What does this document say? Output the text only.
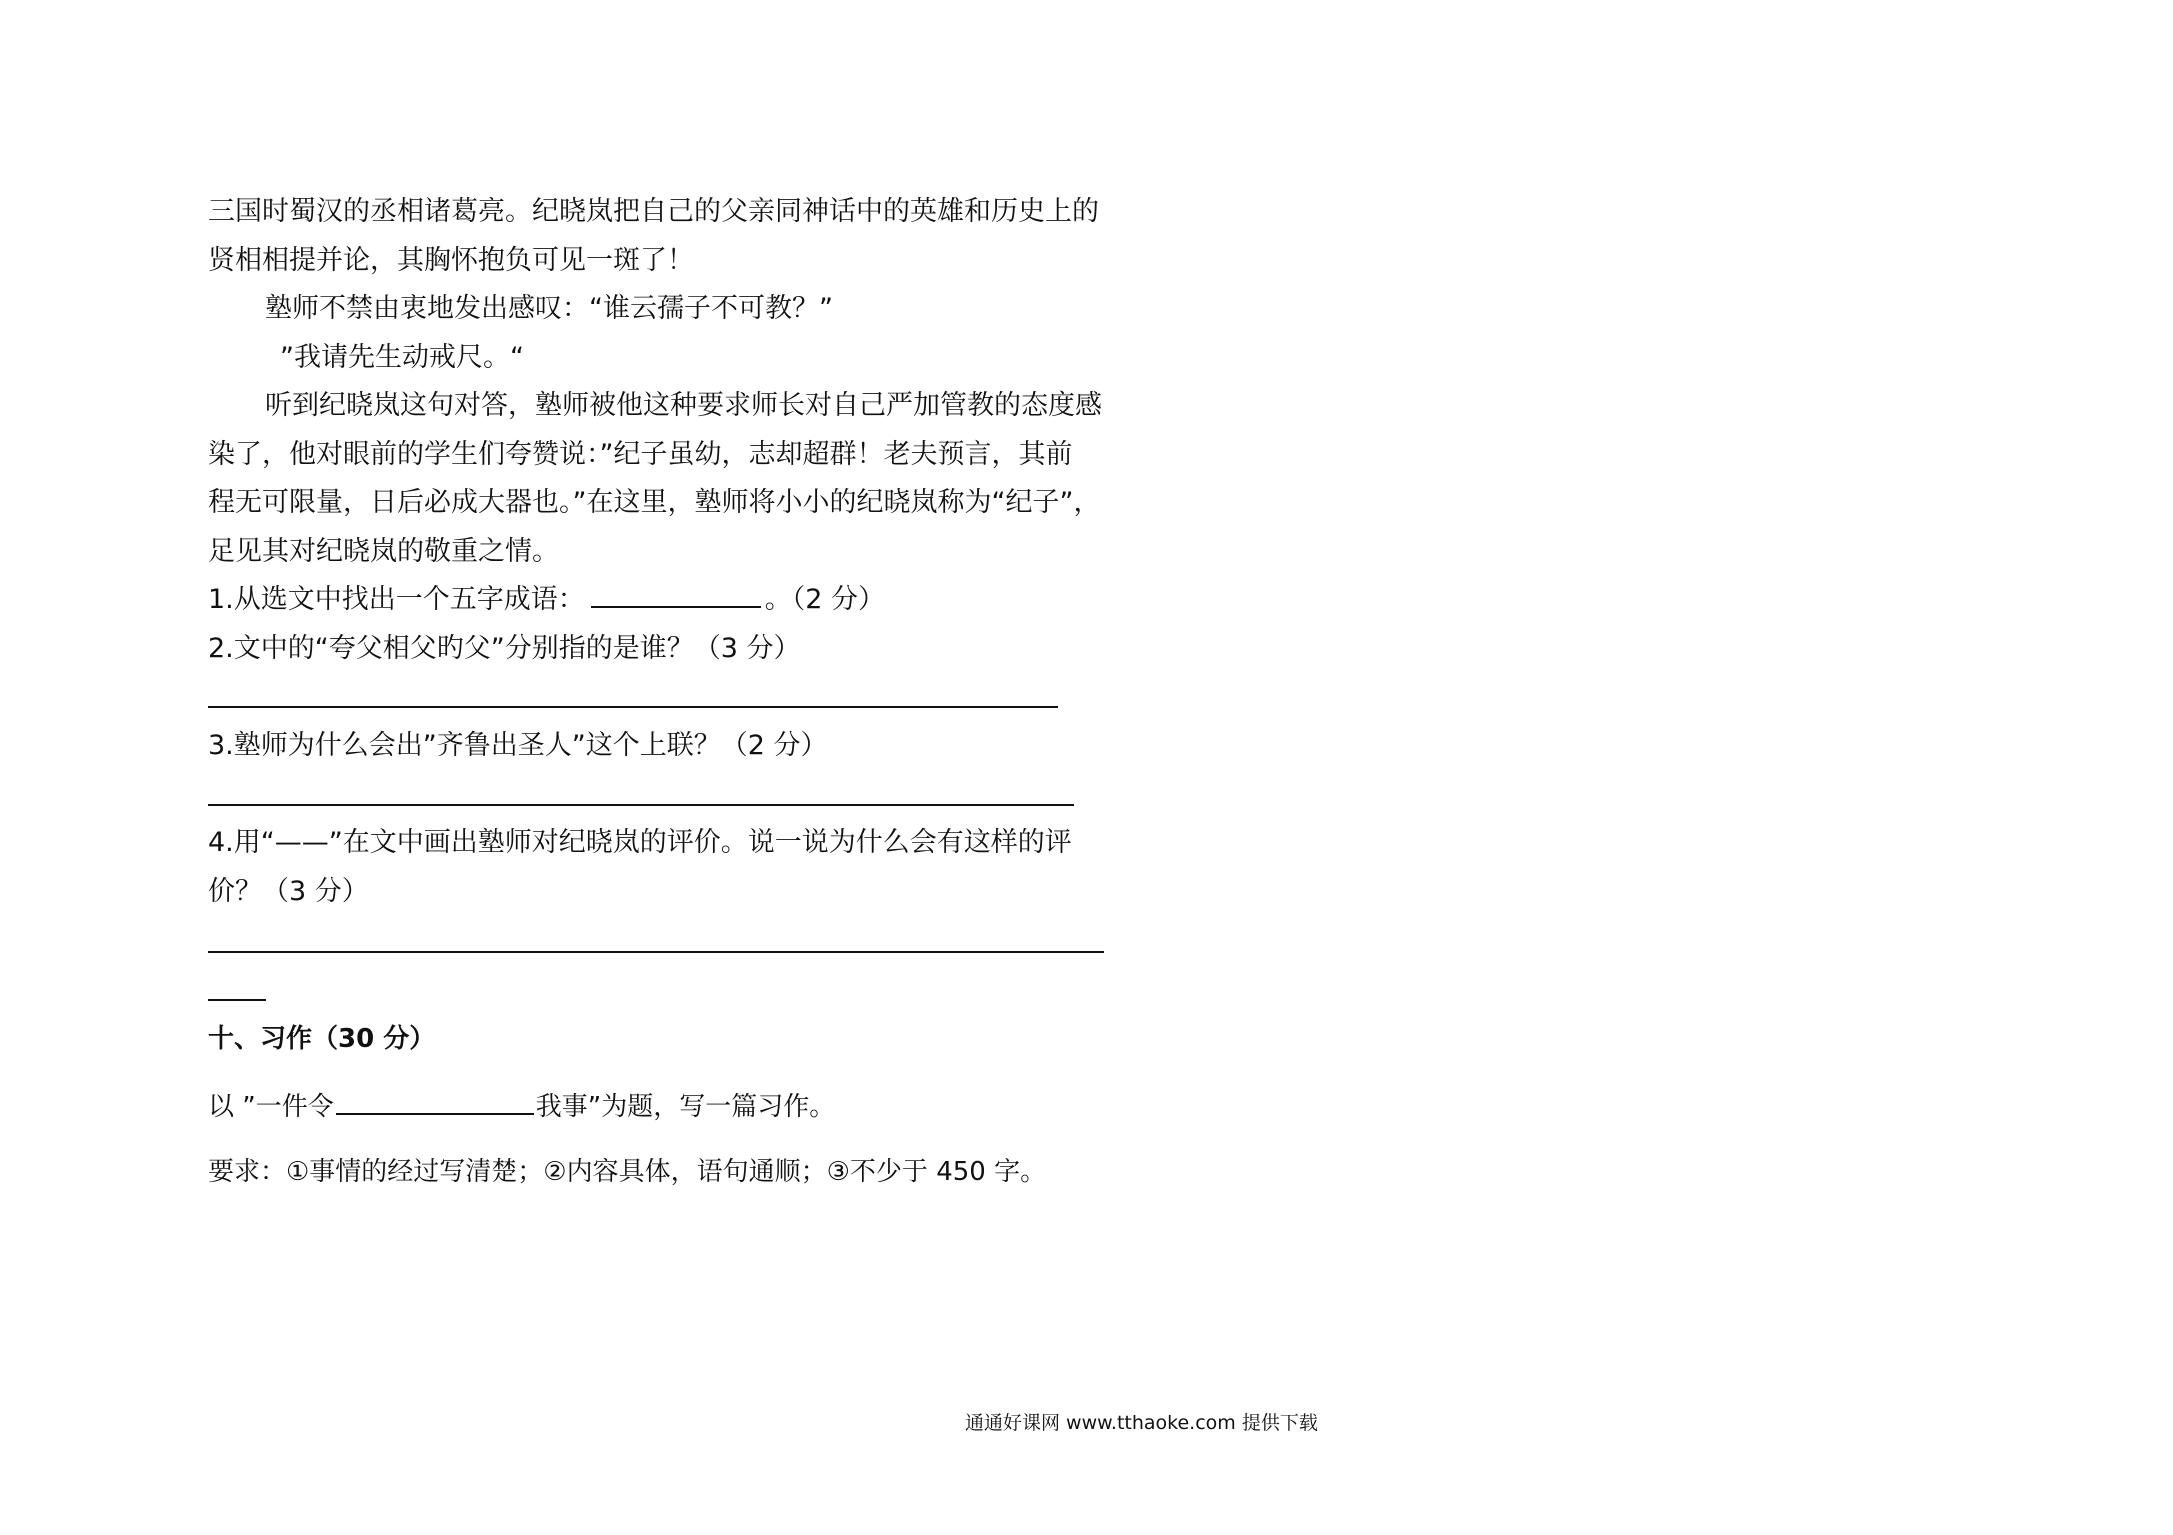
三国时蜀汉的丞相诸葛亮。纪晓岚把自己的父亲同神话中的英雄和历史上的
贤相相提并论，其胸怀抱负可见一斑了！
塾师不禁由衷地发出感叹：“谁云孺子不可教？”
”我请先生动戒尺。“
听到纪晓岚这句对答，塾师被他这种要求师长对自己严加管教的态度感
染了，他对眼前的学生们夸赞说：”纪子虽幼，志却超群！老夫预言，其前
程无可限量，日后必成大器也。”在这里，塾师将小小的纪晓岚称为“纪子”，
足见其对纪晓岚的敬重之情。
1.从选文中找出一个五字成语：	。（2 分）
2.文中的“夸父相父旳父”分别指的是谁？（3 分）
3.塾师为什么会出”齐鲁出圣人”这个上联？（2 分）
4.用“——”在文中画出塾师对纪晓岚的评价。说一说为什么会有这样的评
价？（3 分）
十、习作（30 分）
以 ”一件令	我事”为题，写一篇习作。
要求：①事情的经过写清楚；②内容具体，语句通顺；③不少于 450 字。
通通好课网 www.tthaoke.com 提供下载
